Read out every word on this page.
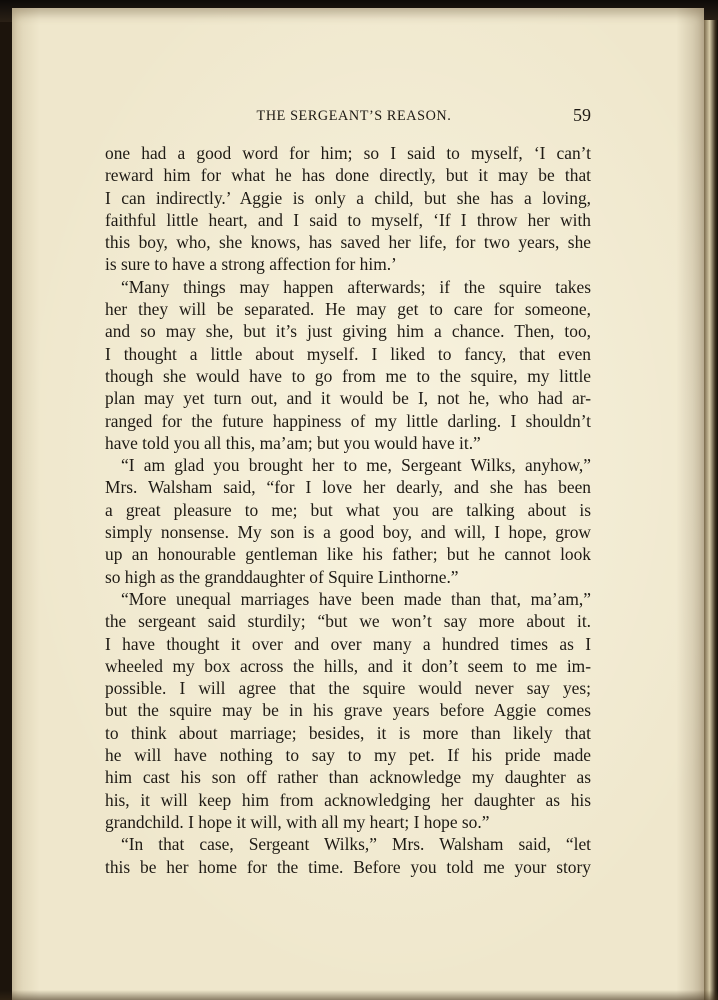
THE SERGEANT’S REASON.	59
one had a good word for him; so I said to myself, ‘I can’t
reward him for what he has done directly, but it may be that
I can indirectly.’ Aggie is only a child, but she has a loving,
faithful little heart, and I said to myself, ‘If I throw her with
this boy, who, she knows, has saved her life, for two years, she
is sure to have a strong affection for him.’
“Many things may happen afterwards; if the squire takes
her they will be separated. He may get to care for someone,
and so may she, but it’s just giving him a chance. Then, too,
I thought a little about myself. I liked to fancy, that even
though she would have to go from me to the squire, my little
plan may yet turn out, and it would be I, not he, who had ar-
ranged for the future happiness of my little darling. I shouldn’t
have told you all this, ma’am; but you would have it.”
“I am glad you brought her to me, Sergeant Wilks, anyhow,”
Mrs. Walsham said, “for I love her dearly, and she has been
a great pleasure to me; but what you are talking about is
simply nonsense. My son is a good boy, and will, I hope, grow
up an honourable gentleman like his father; but he cannot look
so high as the granddaughter of Squire Linthorne.”
“More unequal marriages have been made than that, ma’am,”
the sergeant said sturdily; “but we won’t say more about it.
I have thought it over and over many a hundred times as I
wheeled my box across the hills, and it don’t seem to me im-
possible. I will agree that the squire would never say yes;
but the squire may be in his grave years before Aggie comes
to think about marriage; besides, it is more than likely that
he will have nothing to say to my pet. If his pride made
him cast his son off rather than acknowledge my daughter as
his, it will keep him from acknowledging her daughter as his
grandchild. I hope it will, with all my heart; I hope so.”
“In that case, Sergeant Wilks,” Mrs. Walsham said, “let
this be her home for the time. Before you told me your story
